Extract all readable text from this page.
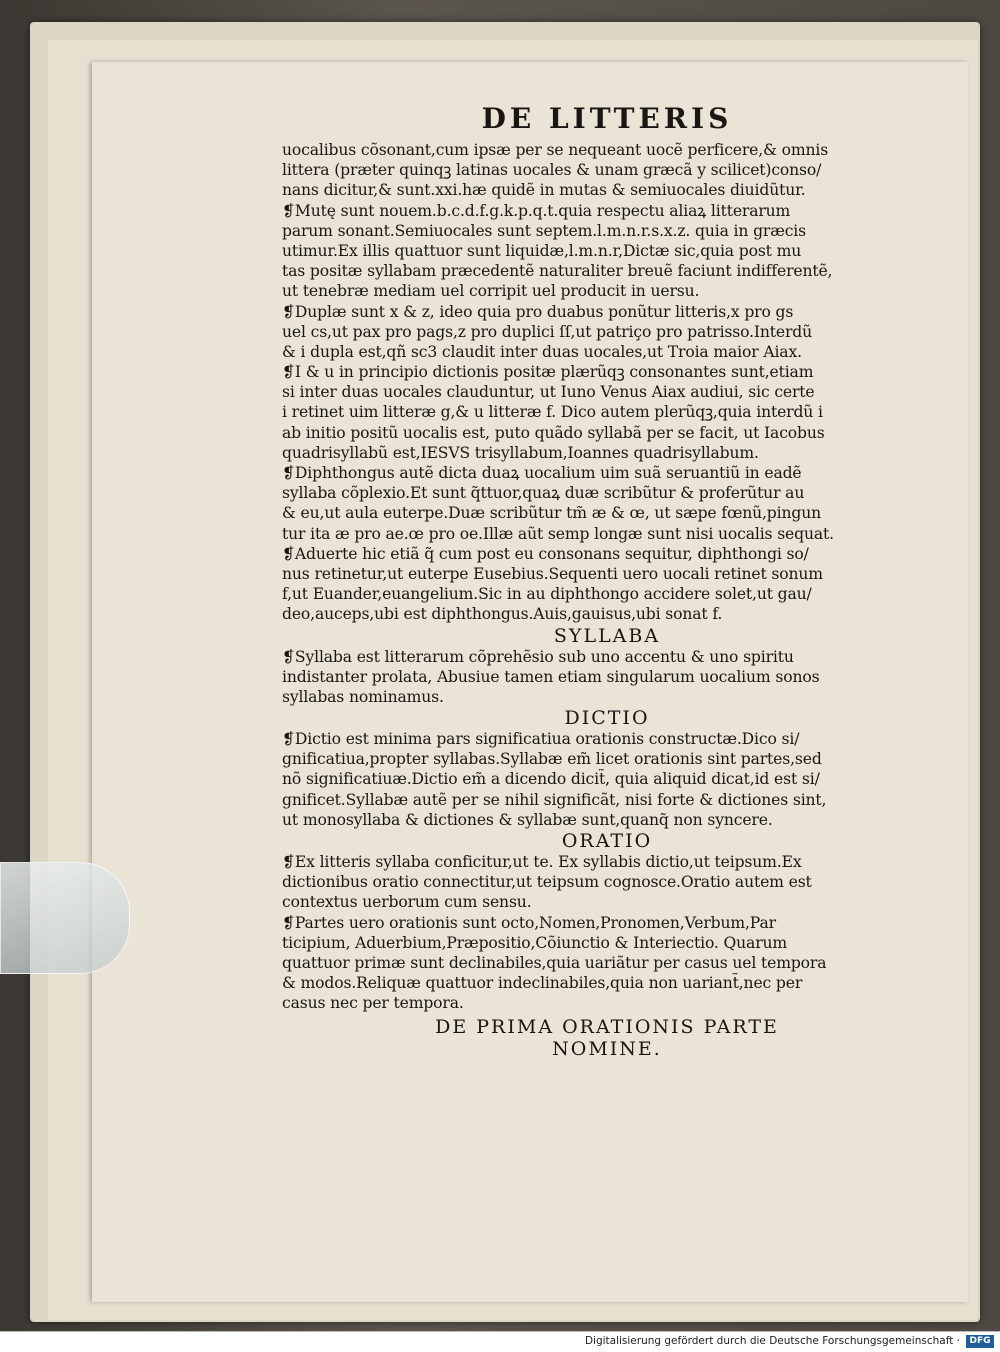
DE LITTERIS
uocalibus cõsonant,cum ipsæ per se nequeant uocẽ perficere,& omnis
littera (præter quinqꝫ latinas uocales & unam græcã y scilicet)conso/
nans dicitur,& sunt.xxi.hæ quidẽ in mutas & semiuocales diuidũtur.
❡Mutę sunt nouem.b.c.d.f.g.k.p.q.t.quia respectu aliaꝝ litterarum
parum sonant.Semiuocales sunt septem.l.m.n.r.s.x.z. quia in græcis
utimur.Ex illis quattuor sunt liquidæ,l.m.n.r,Dictæ sic,quia post mu
tas positæ syllabam præcedentẽ naturaliter breuẽ faciunt indifferentẽ,
ut tenebræ mediam uel corripit uel producit in uersu.
❡Duplæ sunt x & z, ideo quia pro duabus ponũtur litteris,x pro gs
uel cs,ut pax pro pags,z pro duplici ſſ,ut patriço pro patrisso.Interdũ
& i dupla est,qñ sc3 claudit inter duas uocales,ut Troia maior Aiax.
❡I & u in principio dictionis positæ plærũqꝫ consonantes sunt,etiam
si inter duas uocales clauduntur, ut Iuno Venus Aiax audiui, sic certe
i retinet uim litteræ g,& u litteræ f. Dico autem plerũqꝫ,quia interdũ i
ab initio positũ uocalis est, puto quãdo syllabã per se facit, ut Iacobus
quadrisyllabũ est,IESVS trisyllabum,Ioannes quadrisyllabum.
❡Diphthongus autẽ dicta duaꝝ uocalium uim suã seruantiũ in eadẽ
syllaba cõplexio.Et sunt q̃ttuor,quaꝝ duæ scribũtur & proferũtur au
& eu,ut aula euterpe.Duæ scribũtur tm̃ æ & œ, ut sæpe fœnũ,pingun
tur ita æ pro ae.œ pro oe.Illæ aũt semp longæ sunt nisi uocalis sequat.
❡Aduerte hic etiã q̃ cum post eu consonans sequitur, diphthongi so/
nus retinetur,ut euterpe Eusebius.Sequenti uero uocali retinet sonum
f,ut Euander,euangelium.Sic in au diphthongo accidere solet,ut gau/
deo,auceps,ubi est diphthongus.Auis,gauisus,ubi sonat f.
SYLLABA
❡Syllaba est litterarum cõprehẽsio sub uno accentu & uno spiritu
indistanter prolata, Abusiue tamen etiam singularum uocalium sonos
syllabas nominamus.
DICTIO
❡Dictio est minima pars significatiua orationis constructæ.Dico si/
gnificatiua,propter syllabas.Syllabæ em̃ licet orationis sint partes,sed
nõ significatiuæ.Dictio em̃ a dicendo dicit̃, quia aliquid dicat,id est si/
gnificet.Syllabæ autẽ per se nihil significãt, nisi forte & dictiones sint,
ut monosyllaba & dictiones & syllabæ sunt,quanq̃ non syncere.
ORATIO
❡Ex litteris syllaba conficitur,ut te. Ex syllabis dictio,ut teipsum.Ex
dictionibus oratio connectitur,ut teipsum cognosce.Oratio autem est
contextus uerborum cum sensu.
❡Partes uero orationis sunt octo,Nomen,Pronomen,Verbum,Par
ticipium, Aduerbium,Præpositio,Cõiunctio & Interiectio. Quarum
quattuor primæ sunt declinabiles,quia uariãtur per casus uel tempora
& modos.Reliquæ quattuor indeclinabiles,quia non uariant̃,nec per
casus nec per tempora.
DE PRIMA ORATIONIS PARTE
NOMINE.
Digitalisierung gefördert durch die Deutsche Forschungsgemeinschaft ·	DFG
